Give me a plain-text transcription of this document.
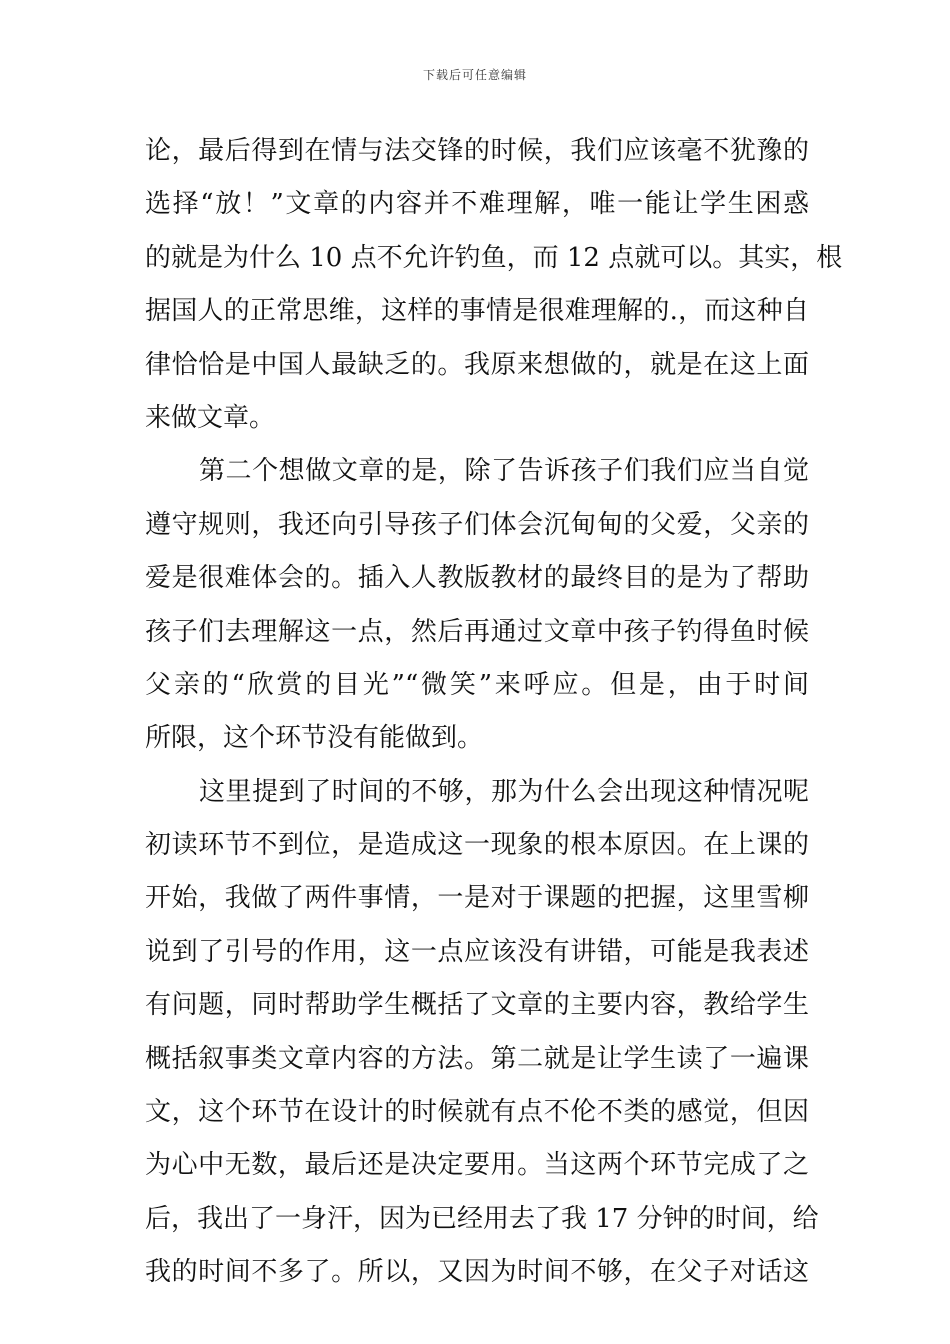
下载后可任意编辑
论，最后得到在情与法交锋的时候，我们应该毫不犹豫的
选择“放！”文章的内容并不难理解，唯一能让学生困惑
的就是为什么 10 点不允许钓鱼，而 12 点就可以。其实，根
据国人的正常思维，这样的事情是很难理解的.，而这种自
律恰恰是中国人最缺乏的。我原来想做的，就是在这上面
来做文章。
第二个想做文章的是，除了告诉孩子们我们应当自觉
遵守规则，我还向引导孩子们体会沉甸甸的父爱，父亲的
爱是很难体会的。插入人教版教材的最终目的是为了帮助
孩子们去理解这一点，然后再通过文章中孩子钓得鱼时候
父亲的“欣赏的目光”“微笑”来呼应。但是，由于时间
所限，这个环节没有能做到。
这里提到了时间的不够，那为什么会出现这种情况呢
初读环节不到位，是造成这一现象的根本原因。在上课的
开始，我做了两件事情，一是对于课题的把握，这里雪柳
说到了引号的作用，这一点应该没有讲错，可能是我表述
有问题，同时帮助学生概括了文章的主要内容，教给学生
概括叙事类文章内容的方法。第二就是让学生读了一遍课
文，这个环节在设计的时候就有点不伦不类的感觉，但因
为心中无数，最后还是决定要用。当这两个环节完成了之
后，我出了一身汗，因为已经用去了我 17 分钟的时间，给
我的时间不多了。所以，又因为时间不够，在父子对话这
